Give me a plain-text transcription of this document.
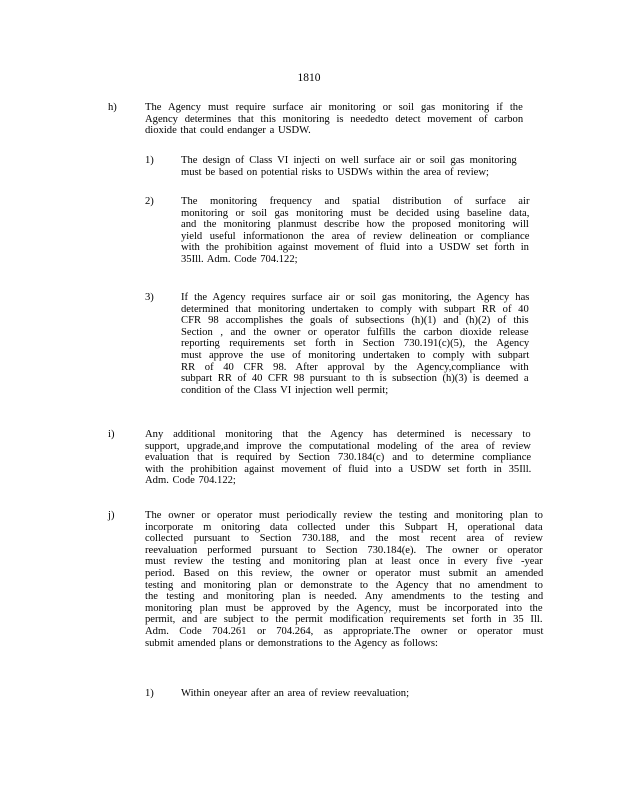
1810
h)	The Agency must require surface air monitoring or soil gas monitoring if the
Agency determines that this monitoring is neededto detect movement of carbon
dioxide that could endanger a USDW.
1)	The design of Class VI injecti on well surface air or soil gas monitoring
must be based on potential risks to USDWs within the area of review;
2)	The monitoring frequency and spatial distribution of surface air
monitoring or soil gas monitoring must be decided using baseline data,
and the monitoring planmust describe how the proposed monitoring will
yield useful informationon the area of review delineation or compliance
with the prohibition against movement of fluid into a USDW set forth in
35Ill. Adm. Code 704.122;
3)	If the Agency requires surface air or soil gas monitoring, the Agency has
determined that monitoring undertaken to comply with subpart RR of 40
CFR 98 accomplishes the goals of subsections (h)(1) and (h)(2) of this
Section , and the owner or operator fulfills the carbon dioxide release
reporting requirements set forth in Section 730.191(c)(5), the Agency
must approve the use of monitoring undertaken to comply with subpart
RR of 40 CFR 98. After approval by the Agency,compliance with
subpart RR of 40 CFR 98 pursuant to th is subsection (h)(3) is deemed a
condition of the Class VI injection well permit;
i)	Any additional monitoring that the Agency has determined is necessary to
support, upgrade,and improve the computational modeling of the area of review
evaluation that is required by Section 730.184(c) and to determine compliance
with the prohibition against movement of fluid into a USDW set forth in 35Ill.
Adm. Code 704.122;
j)	The owner or operator must periodically review the testing and monitoring plan to
incorporate m onitoring data collected under this Subpart H, operational data
collected pursuant to Section 730.188, and the most recent area of review
reevaluation performed pursuant to Section 730.184(e). The owner or operator
must review the testing and monitoring plan at least once in every five -year
period. Based on this review, the owner or operator must submit an amended
testing and monitoring plan or demonstrate to the Agency that no amendment to
the testing and monitoring plan is needed. Any amendments to the testing and
monitoring plan must be approved by the Agency, must be incorporated into the
permit, and are subject to the permit modification requirements set forth in 35 Ill.
Adm. Code 704.261 or 704.264, as appropriate.The owner or operator must
submit amended plans or demonstrations to the Agency as follows:
1)	Within oneyear after an area of review reevaluation;
